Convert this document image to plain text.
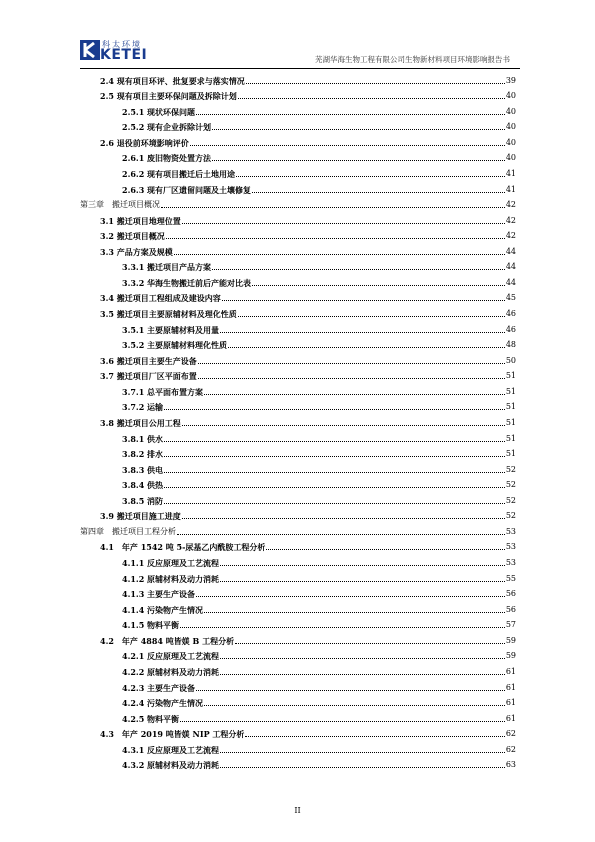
科太环境
KETEI	芜湖华海生物工程有限公司生物新材料项目环境影响报告书
2.4 现有项目环评、批复要求与落实情况	39
2.5 现有项目主要环保问题及拆除计划	40
2.5.1 现状环保问题	40
2.5.2 现有企业拆除计划	40
2.6 退役前环境影响评价	40
2.6.1 废旧物资处置方法	40
2.6.2 现有项目搬迁后土地用途	41
2.6.3 现有厂区遗留问题及土壤修复	41
第三章　搬迁项目概况	42
3.1 搬迁项目地理位置	42
3.2 搬迁项目概况	42
3.3 产品方案及规模	44
3.3.1 搬迁项目产品方案	44
3.3.2 华海生物搬迁前后产能对比表	44
3.4 搬迁项目工程组成及建设内容	45
3.5 搬迁项目主要原辅材料及理化性质	46
3.5.1 主要原辅材料及用量	46
3.5.2 主要原辅材料理化性质	48
3.6 搬迁项目主要生产设备	50
3.7 搬迁项目厂区平面布置	51
3.7.1 总平面布置方案	51
3.7.2 运输	51
3.8 搬迁项目公用工程	51
3.8.1 供水	51
3.8.2 排水	51
3.8.3 供电	52
3.8.4 供热	52
3.8.5 消防	52
3.9 搬迁项目施工进度	52
第四章　搬迁项目工程分析	53
4.1　年产 1542 吨 5-尿基乙内酰胺工程分析	53
4.1.1 反应原理及工艺流程	53
4.1.2 原辅材料及动力消耗	55
4.1.3 主要生产设备	56
4.1.4 污染物产生情况	56
4.1.5 物料平衡	57
4.2　年产 4884 吨皆媄 B 工程分析	59
4.2.1 反应原理及工艺流程	59
4.2.2 原辅材料及动力消耗	61
4.2.3 主要生产设备	61
4.2.4 污染物产生情况	61
4.2.5 物料平衡	61
4.3　年产 2019 吨皆媄 NIP 工程分析	62
4.3.1 反应原理及工艺流程	62
4.3.2 原辅材料及动力消耗	63
II
